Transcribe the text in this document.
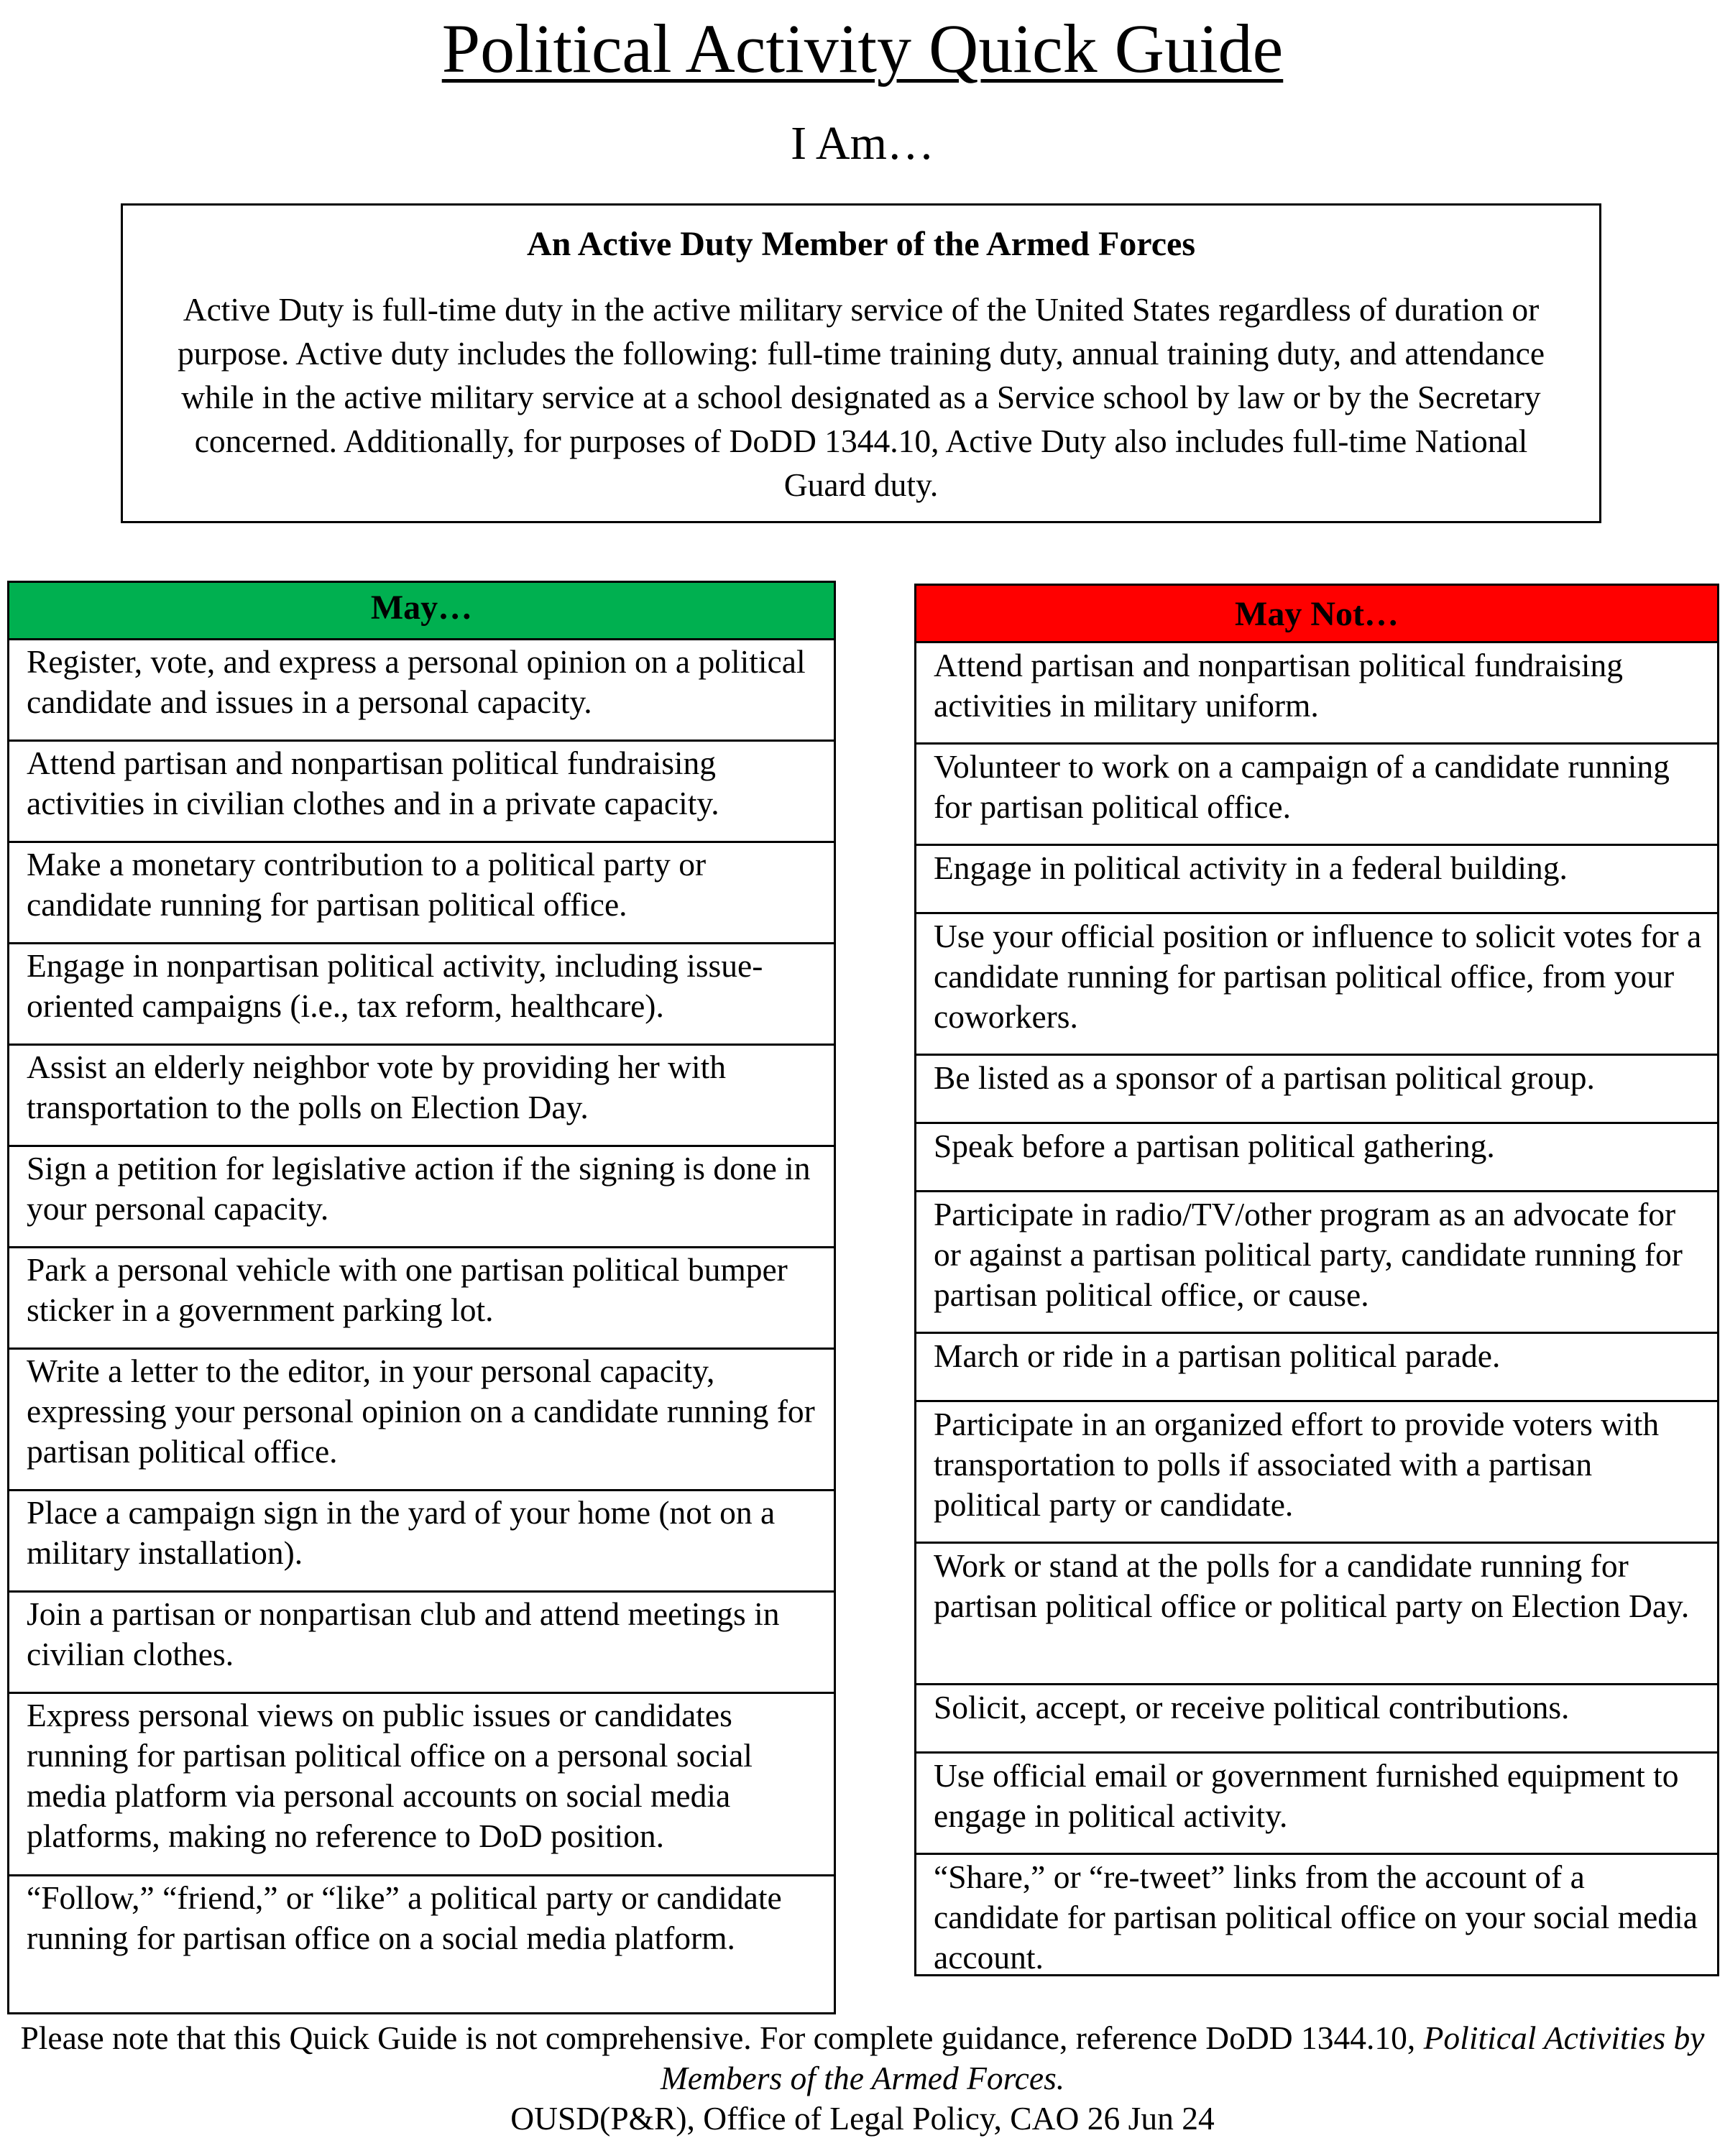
Political Activity Quick Guide
I Am…
An Active Duty Member of the Armed Forces
Active Duty is full-time duty in the active military service of the United States regardless of duration or purpose. Active duty includes the following: full-time training duty, annual training duty, and attendance while in the active military service at a school designated as a Service school by law or by the Secretary concerned. Additionally, for purposes of DoDD 1344.10, Active Duty also includes full-time National Guard duty.
May…
Register, vote, and express a personal opinion on a political candidate and issues in a personal capacity.
Attend partisan and nonpartisan political fundraising activities in civilian clothes and in a private capacity.
Make a monetary contribution to a political party or candidate running for partisan political office.
Engage in nonpartisan political activity, including issue-oriented campaigns (i.e., tax reform, healthcare).
Assist an elderly neighbor vote by providing her with transportation to the polls on Election Day.
Sign a petition for legislative action if the signing is done in your personal capacity.
Park a personal vehicle with one partisan political bumper sticker in a government parking lot.
Write a letter to the editor, in your personal capacity, expressing your personal opinion on a candidate running for partisan political office.
Place a campaign sign in the yard of your home (not on a military installation).
Join a partisan or nonpartisan club and attend meetings in civilian clothes.
Express personal views on public issues or candidates running for partisan political office on a personal social media platform via personal accounts on social media platforms, making no reference to DoD position.
“Follow,” “friend,” or “like” a political party or candidate running for partisan office on a social media platform.
May Not…
Attend partisan and nonpartisan political fundraising activities in military uniform.
Volunteer to work on a campaign of a candidate running for partisan political office.
Engage in political activity in a federal building.
Use your official position or influence to solicit votes for a candidate running for partisan political office, from your coworkers.
Be listed as a sponsor of a partisan political group.
Speak before a partisan political gathering.
Participate in radio/TV/other program as an advocate for or against a partisan political party, candidate running for partisan political office, or cause.
March or ride in a partisan political parade.
Participate in an organized effort to provide voters with transportation to polls if associated with a partisan political party or candidate.
Work or stand at the polls for a candidate running for partisan political office or political party on Election Day.
Solicit, accept, or receive political contributions.
Use official email or government furnished equipment to engage in political activity.
“Share,” or “re-tweet” links from the account of a candidate for partisan political office on your social media account.
Please note that this Quick Guide is not comprehensive. For complete guidance, reference DoDD 1344.10, Political Activities by Members of the Armed Forces.
OUSD(P&R), Office of Legal Policy, CAO 26 Jun 24
